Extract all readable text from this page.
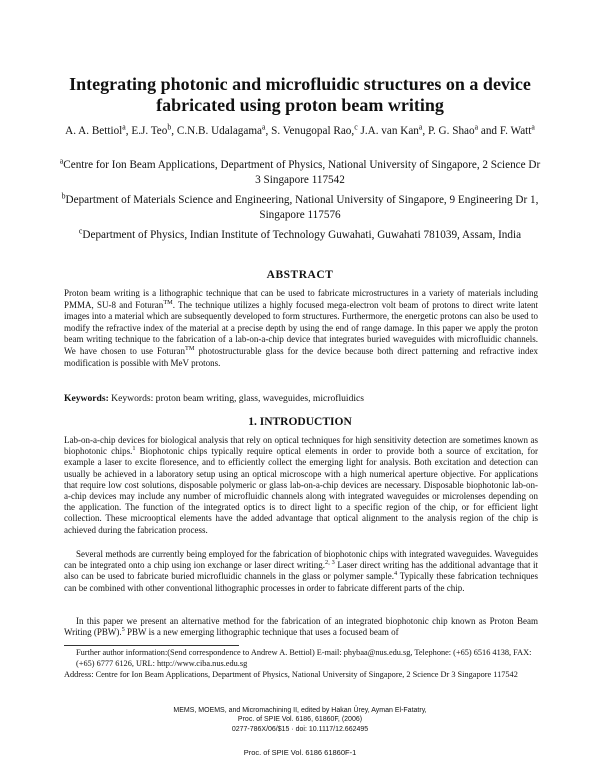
Integrating photonic and microfluidic structures on a device fabricated using proton beam writing
A. A. Bettiol$^a$, E.J. Teo$^b$, C.N.B. Udalagama$^a$, S. Venugopal Rao,$^c$ J.A. van Kan$^a$, P. G. Shao$^a$ and F. Watt$^a$
$^a$Centre for Ion Beam Applications, Department of Physics, National University of Singapore, 2 Science Dr 3 Singapore 117542
$^b$Department of Materials Science and Engineering, National University of Singapore, 9 Engineering Dr 1, Singapore 117576
$^c$Department of Physics, Indian Institute of Technology Guwahati, Guwahati 781039, Assam, India
ABSTRACT
Proton beam writing is a lithographic technique that can be used to fabricate microstructures in a variety of materials including PMMA, SU-8 and Foturan™. The technique utilizes a highly focused mega-electron volt beam of protons to direct write latent images into a material which are subsequently developed to form structures. Furthermore, the energetic protons can also be used to modify the refractive index of the material at a precise depth by using the end of range damage. In this paper we apply the proton beam writing technique to the fabrication of a lab-on-a-chip device that integrates buried waveguides with microfluidic channels. We have chosen to use Foturan™ photostructurable glass for the device because both direct patterning and refractive index modification is possible with MeV protons.
Keywords: Keywords: proton beam writing, glass, waveguides, microfluidics
1. INTRODUCTION
Lab-on-a-chip devices for biological analysis that rely on optical techniques for high sensitivity detection are sometimes known as biophotonic chips.$^1$ Biophotonic chips typically require optical elements in order to provide both a source of excitation, for example a laser to excite floresence, and to efficiently collect the emerging light for analysis. Both excitation and detection can usually be achieved in a laboratory setup using an optical microscope with a high numerical aperture objective. For applications that require low cost solutions, disposable polymeric or glass lab-on-a-chip devices are necessary. Disposable biophotonic lab-on-a-chip devices may include any number of microfluidic channels along with integrated waveguides or microlenses depending on the application. The function of the integrated optics is to direct light to a specific region of the chip, or for efficient light collection. These microoptical elements have the added advantage that optical alignment to the analysis region of the chip is achieved during the fabrication process.
Several methods are currently being employed for the fabrication of biophotonic chips with integrated waveguides. Waveguides can be integrated onto a chip using ion exchange or laser direct writing.$^{2, 3}$ Laser direct writing has the additional advantage that it also can be used to fabricate buried microfluidic channels in the glass or polymer sample.$^4$ Typically these fabrication techniques can be combined with other conventional lithographic processes in order to fabricate different parts of the chip.
In this paper we present an alternative method for the fabrication of an integrated biophotonic chip known as Proton Beam Writing (PBW).$^5$ PBW is a new emerging lithographic technique that uses a focused beam of
Further author information:(Send correspondence to Andrew A. Bettiol) E-mail: phybaa@nus.edu.sg, Telephone: (+65) 6516 4138, FAX: (+65) 6777 6126, URL: http://www.ciba.nus.edu.sg
Address: Centre for Ion Beam Applications, Department of Physics, National University of Singapore, 2 Science Dr 3 Singapore 117542
MEMS, MOEMS, and Micromachining II, edited by Hakan Ürey, Ayman El-Fatatry,
Proc. of SPIE Vol. 6186, 61860F, (2006)
0277-786X/06/$15 · doi: 10.1117/12.662495
Proc. of SPIE Vol. 6186 61860F-1
